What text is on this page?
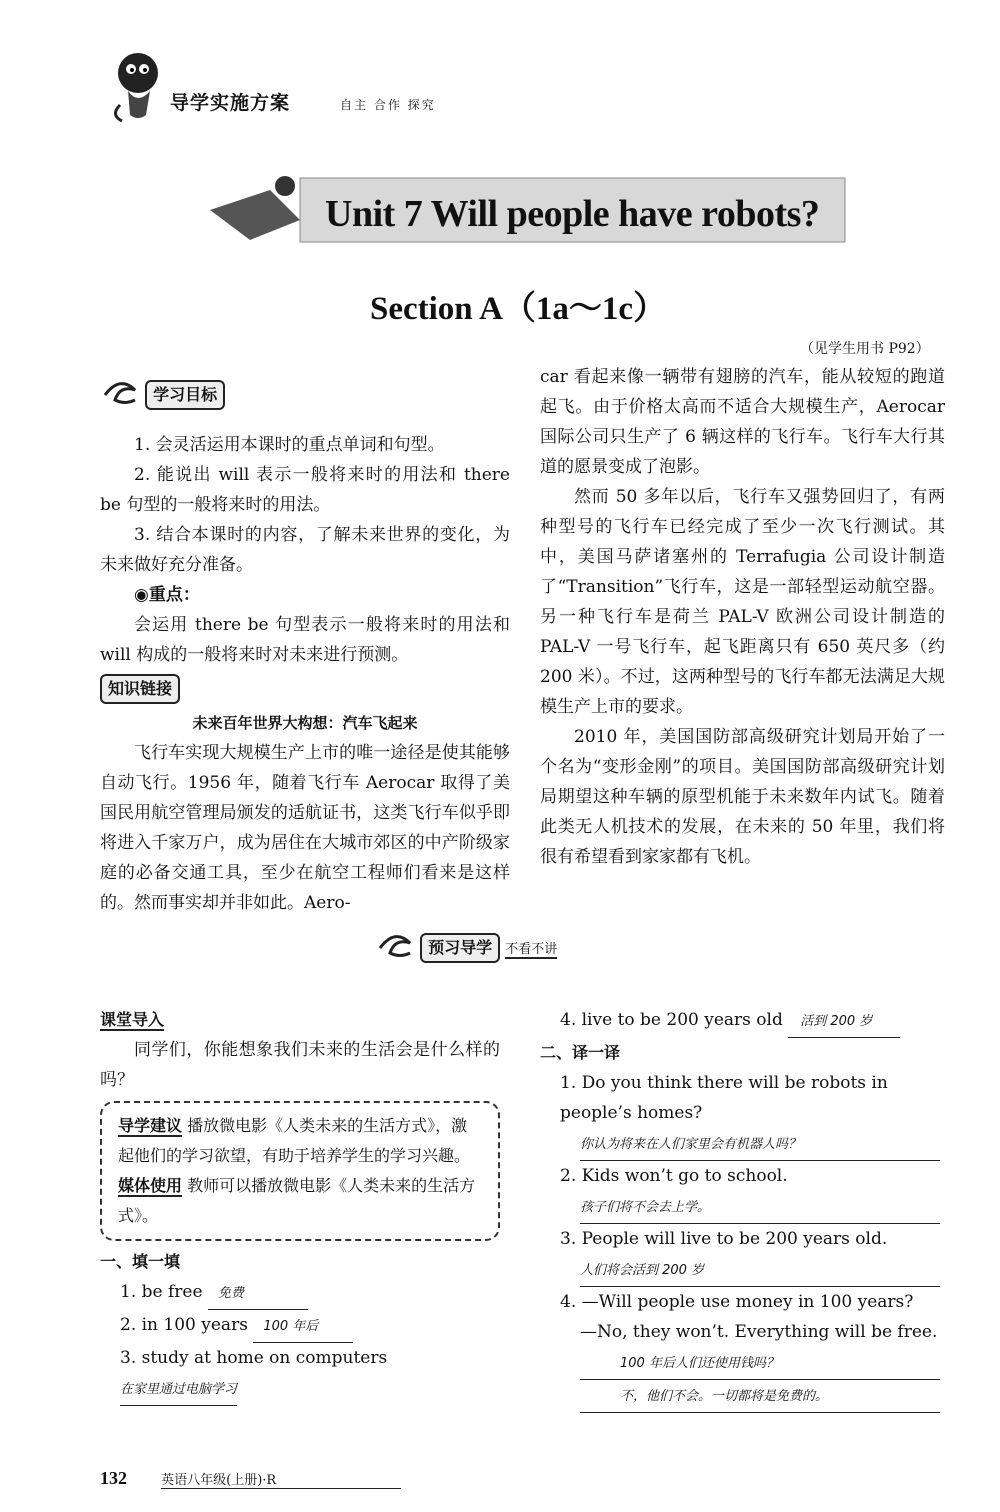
导学实施方案	自主 合作 探究
Unit 7 Will people have robots?
Section A（1a～1c）
（见学生用书 P92）
学习目标

1. 会灵活运用本课时的重点单词和句型。

2. 能说出 will 表示一般将来时的用法和 there be 句型的一般将来时的用法。

3. 结合本课时的内容，了解未来世界的变化，为未来做好充分准备。

◉重点：

会运用 there be 句型表示一般将来时的用法和 will 构成的一般将来时对未来进行预测。

知识链接
未来百年世界大构想：汽车飞起来

飞行车实现大规模生产上市的唯一途径是使其能够自动飞行。1956 年，随着飞行车 Aerocar 取得了美国民用航空管理局颁发的适航证书，这类飞行车似乎即将进入千家万户，成为居住在大城市郊区的中产阶级家庭的必备交通工具，至少在航空工程师们看来是这样的。然而事实却并非如此。Aero-

car 看起来像一辆带有翅膀的汽车，能从较短的跑道起飞。由于价格太高而不适合大规模生产，Aerocar 国际公司只生产了 6 辆这样的飞行车。飞行车大行其道的愿景变成了泡影。

然而 50 多年以后，飞行车又强势回归了，有两种型号的飞行车已经完成了至少一次飞行测试。其中，美国马萨诸塞州的 Terrafugia 公司设计制造了“Transition”飞行车，这是一部轻型运动航空器。另一种飞行车是荷兰 PAL-V 欧洲公司设计制造的 PAL-V 一号飞行车，起飞距离只有 650 英尺多（约 200 米）。不过，这两种型号的飞行车都无法满足大规模生产上市的要求。

2010 年，美国国防部高级研究计划局开始了一个名为“变形金刚”的项目。美国国防部高级研究计划局期望这种车辆的原型机能于未来数年内试飞。随着此类无人机技术的发展，在未来的 50 年里，我们将很有希望看到家家都有飞机。

预习导学 不看不讲
课堂导入

同学们，你能想象我们未来的生活会是什么样的吗？

导学建议 播放微电影《人类未来的生活方式》，激起他们的学习欲望，有助于培养学生的学习兴趣。
媒体使用 教师可以播放微电影《人类未来的生活方式》。
一、填一填
1. be free 免费
2. in 100 years 100 年后
3. study at home on computers 在家里通过电脑学习
4. live to be 200 years old 活到 200 岁
二、译一译
1. Do you think there will be robots in people’s homes?
你认为将来在人们家里会有机器人吗？
2. Kids won’t go to school.
孩子们将不会去上学。
3. People will live to be 200 years old.
人们将会活到 200 岁
4. —Will people use money in 100 years?
—No, they won’t. Everything will be free.
100 年后人们还使用钱吗？
不，他们不会。一切都将是免费的。
132	英语八年级(上册)·R
